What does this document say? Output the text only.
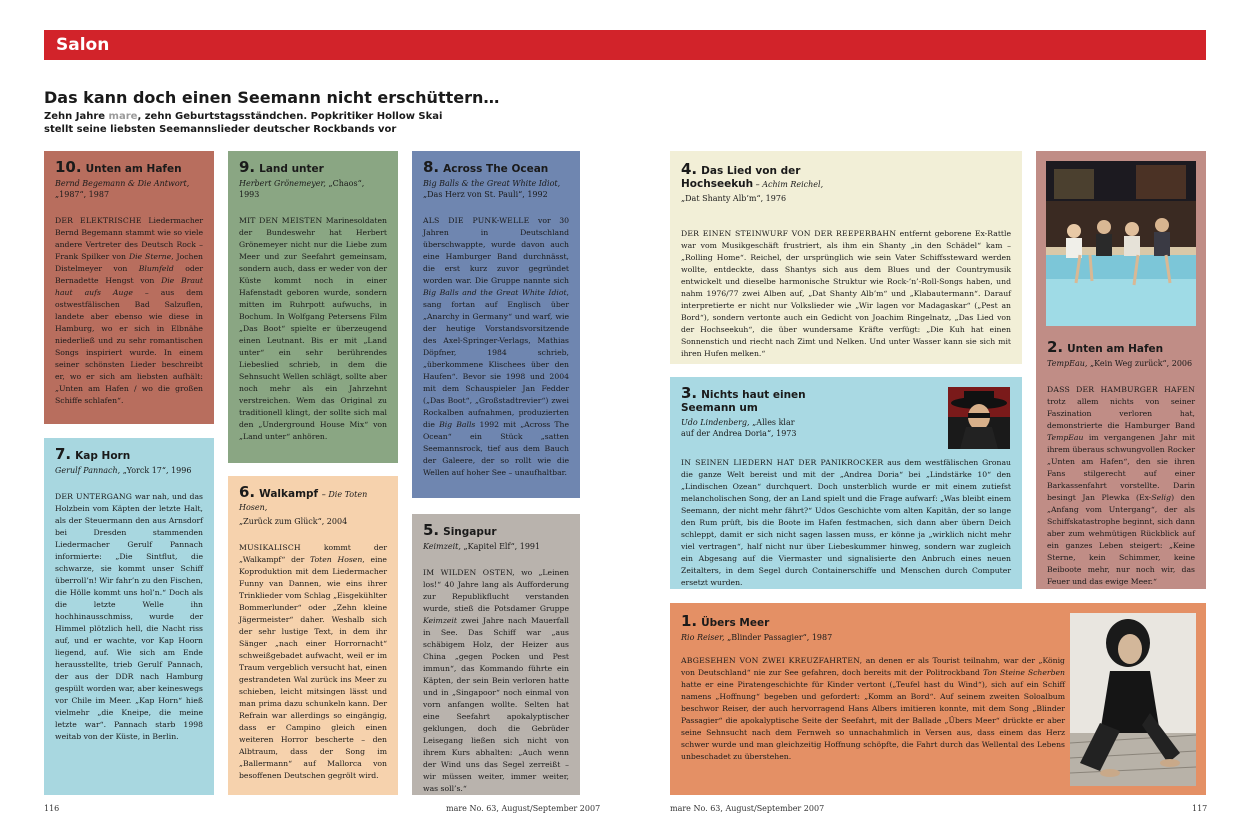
Salon
Das kann doch einen Seemann nicht erschüttern…

Zehn Jahre mare, zehn Geburtstagsständchen. Popkritiker Hollow Skai stellt seine liebsten Seemannslieder deutscher Rockbands vor

10. Unten am Hafen

Bernd Begemann & Die Antwort,
„1987“, 1987

DER ELEKTRISCHE Liedermacher Bernd Begemann stammt wie so viele andere Vertreter des Deutsch Rock – Frank Spilker von Die Sterne, Jochen Distelmeyer von Blumfeld oder Bernadette Hengst von Die Braut haut aufs Auge – aus dem ostwestfälischen Bad Salzuflen, landete aber ebenso wie diese in Hamburg, wo er sich in Elbnähe niederließ und zu sehr romantischen Songs inspiriert wurde. In einem seiner schönsten Lieder beschreibt er, wo er sich am liebsten aufhält: „Unten am Hafen / wo die großen Schiffe schlafen“.

9. Land unter

Herbert Grönemeyer, „Chaos“, 1993

MIT DEN MEISTEN Marinesoldaten der Bundeswehr hat Herbert Grönemeyer nicht nur die Liebe zum Meer und zur Seefahrt gemeinsam, sondern auch, dass er weder von der Küste kommt noch in einer Hafenstadt geboren wurde, sondern mitten im Ruhrpott aufwuchs, in Bochum. In Wolfgang Petersens Film „Das Boot“ spielte er überzeugend einen Leutnant. Bis er mit „Land unter“ ein sehr berührendes Liebeslied schrieb, in dem die Sehnsucht Wellen schlägt, sollte aber noch mehr als ein Jahrzehnt verstreichen. Wem das Original zu traditionell klingt, der sollte sich mal den „Underground House Mix“ von „Land unter“ anhören.

8. Across The Ocean

Big Balls & the Great White Idiot,
„Das Herz von St. Pauli“, 1992

ALS DIE PUNK-WELLE vor 30 Jahren in Deutschland überschwappte, wurde davon auch eine Hamburger Band durchnässt, die erst kurz zuvor gegründet worden war. Die Gruppe nannte sich Big Balls and the Great White Idiot, sang fortan auf Englisch über „Anarchy in Germany“ und warf, wie der heutige Vorstandsvorsitzende des Axel-Springer-Verlags, Mathias Döpfner, 1984 schrieb, „überkommene Klischees über den Haufen“. Bevor sie 1998 und 2004 mit dem Schauspieler Jan Fedder („Das Boot“, „Großstadtrevier“) zwei Rockalben aufnahmen, produzierten die Big Balls 1992 mit „Across The Ocean“ ein Stück „satten Seemannsrock, tief aus dem Bauch der Galeere, der so rollt wie die Wellen auf hoher See – unaufhaltbar.

7. Kap Horn

Gerulf Pannach, „Yorck 17“, 1996

DER UNTERGANG war nah, und das Holzbein vom Käpten der letzte Halt, als der Steuermann den aus Arnsdorf bei Dresden stammenden Liedermacher Gerulf Pannach informierte: „Die Sintflut, die schwarze, sie kommt unser Schiff überroll’n! Wir fahr’n zu den Fischen, die Hölle kommt uns hol’n.“ Doch als die letzte Welle ihn hochhinausschmiss, wurde der Himmel plötzlich hell, die Nacht riss auf, und er wachte, vor Kap Hoorn liegend, auf. Wie sich am Ende herausstellte, trieb Gerulf Pannach, der aus der DDR nach Hamburg gespült worden war, aber keineswegs vor Chile im Meer. „Kap Horn“ hieß vielmehr „die Kneipe, die meine letzte war“. Pannach starb 1998 weitab von der Küste, in Berlin.

6. Walkampf – Die Toten Hosen,

„Zurück zum Glück“, 2004

MUSIKALISCH kommt der „Walkampf“ der Toten Hosen, eine Koproduktion mit dem Liedermacher Funny van Dannen, wie eins ihrer Trinklieder vom Schlag „Eisgekühlter Bommerlunder“ oder „Zehn kleine Jägermeister“ daher. Weshalb sich der sehr lustige Text, in dem ihr Sänger „nach einer Horrornacht“ schweißgebadet aufwacht, weil er im Traum vergeblich versucht hat, einen gestrandeten Wal zurück ins Meer zu schieben, leicht mitsingen lässt und man prima dazu schunkeln kann. Der Refrain war allerdings so eingängig, dass er Campino gleich einen weiteren Horror bescherte – den Albtraum, dass der Song im „Ballermann“ auf Mallorca von besoffenen Deutschen gegrölt wird.

5. Singapur

Keimzeit, „Kapitel Elf“, 1991

IM WILDEN OSTEN, wo „Leinen los!“ 40 Jahre lang als Aufforderung zur Republikflucht verstanden wurde, stieß die Potsdamer Gruppe Keimzeit zwei Jahre nach Mauerfall in See. Das Schiff war „aus schäbigem Holz, der Heizer aus China „gegen Pocken und Pest immun“, das Kommando führte ein Käpten, der sein Bein verloren hatte und in „Singapoor“ noch einmal von vorn anfangen wollte. Selten hat eine Seefahrt apokalyptischer geklungen, doch die Gebrüder Leisegang ließen sich nicht von ihrem Kurs abhalten: „Auch wenn der Wind uns das Segel zerreißt – wir müssen weiter, immer weiter, was soll’s.“

4. Das Lied von der Hochseekuh – Achim Reichel,

„Dat Shanty Alb’m“, 1976

DER EINEN STEINWURF VON DER REEPERBAHN entfernt geborene Ex-Rattle war vom Musikgeschäft frustriert, als ihm ein Shanty „in den Schädel“ kam – „Rolling Home“. Reichel, der ursprünglich wie sein Vater Schiffssteward werden wollte, entdeckte, dass Shantys sich aus dem Blues und der Countrymusik entwickelt und dieselbe harmonische Struktur wie Rock-’n’-Roll-Songs haben, und nahm 1976/77 zwei Alben auf, „Dat Shanty Alb’m“ und „Klabautermann“. Darauf interpretierte er nicht nur Volkslieder wie „Wir lagen vor Madagaskar“ („Pest an Bord“), sondern vertonte auch ein Gedicht von Joachim Ringelnatz, „Das Lied von der Hochseekuh“, die über wundersame Kräfte verfügt: „Die Kuh hat einen Sonnenstich und riecht nach Zimt und Nelken. Und unter Wasser kann sie sich mit ihren Hufen melken.“	2. Unten am Hafen

TempEau, „Kein Weg zurück“, 2006

DASS DER HAMBURGER HAFEN trotz allem nichts von seiner Faszination verloren hat, demonstrierte die Hamburger Band TempEau im vergangenen Jahr mit ihrem überaus schwungvollen Rocker „Unten am Hafen“, den sie ihren Fans stilgerecht auf einer Barkassenfahrt vorstellte. Darin besingt Jan Plewka (Ex-Selig) den „Anfang vom Untergang“, der als Schiffskatastrophe beginnt, sich dann aber zum wehmütigen Rückblick auf ein ganzes Leben steigert: „Keine Sterne, kein Schimmer, keine Beiboote mehr, nur noch wir, das Feuer und das ewige Meer.“

3. Nichts haut einen Seemann um

Udo Lindenberg, „Alles klar
auf der Andrea Doria“, 1973

IN SEINEN LIEDERN HAT DER PANIKROCKER aus dem westfälischen Gronau die ganze Welt bereist und mit der „Andrea Doria“ bei „Lindstärke 10“ den „Lindischen Ozean“ durchquert. Doch unsterblich wurde er mit einem zutiefst melancholischen Song, der an Land spielt und die Frage aufwarf: „Was bleibt einem Seemann, der nicht mehr fährt?“ Udos Geschichte vom alten Kapitän, der so lange den Rum prüft, bis die Boote im Hafen festmachen, sich dann aber übern Deich schleppt, damit er sich nicht sagen lassen muss, er könne ja „wirklich nicht mehr viel vertragen“, half nicht nur über Liebeskummer hinweg, sondern war zugleich ein Abgesang auf die Viermaster und signalisierte den Anbruch eines neuen Zeitalters, in dem Segel durch Containerschiffe und Menschen durch Computer ersetzt wurden.

1. Übers Meer

Rio Reiser, „Blinder Passagier“, 1987

ABGESEHEN VON ZWEI KREUZFAHRTEN, an denen er als Tourist teilnahm, war der „König von Deutschland“ nie zur See gefahren, doch bereits mit der Politrockband Ton Steine Scherben hatte er eine Piratengeschichte für Kinder vertont („Teufel hast du Wind“), sich auf ein Schiff namens „Hoffnung“ begeben und gefordert: „Komm an Bord“. Auf seinem zweiten Soloalbum beschwor Reiser, der auch hervorragend Hans Albers imitieren konnte, mit dem Song „Blinder Passagier“ die apokalyptische Seite der Seefahrt, mit der Ballade „Übers Meer“ drückte er aber seine Sehnsucht nach dem Fernweh so unnachahmlich in Versen aus, dass einem das Herz schwer wurde und man gleichzeitig Hoffnung schöpfte, die Fahrt durch das Wellental des Lebens unbeschadet zu überstehen.

116	mare No. 63, August/September 2007	mare No. 63, August/September 2007	117
